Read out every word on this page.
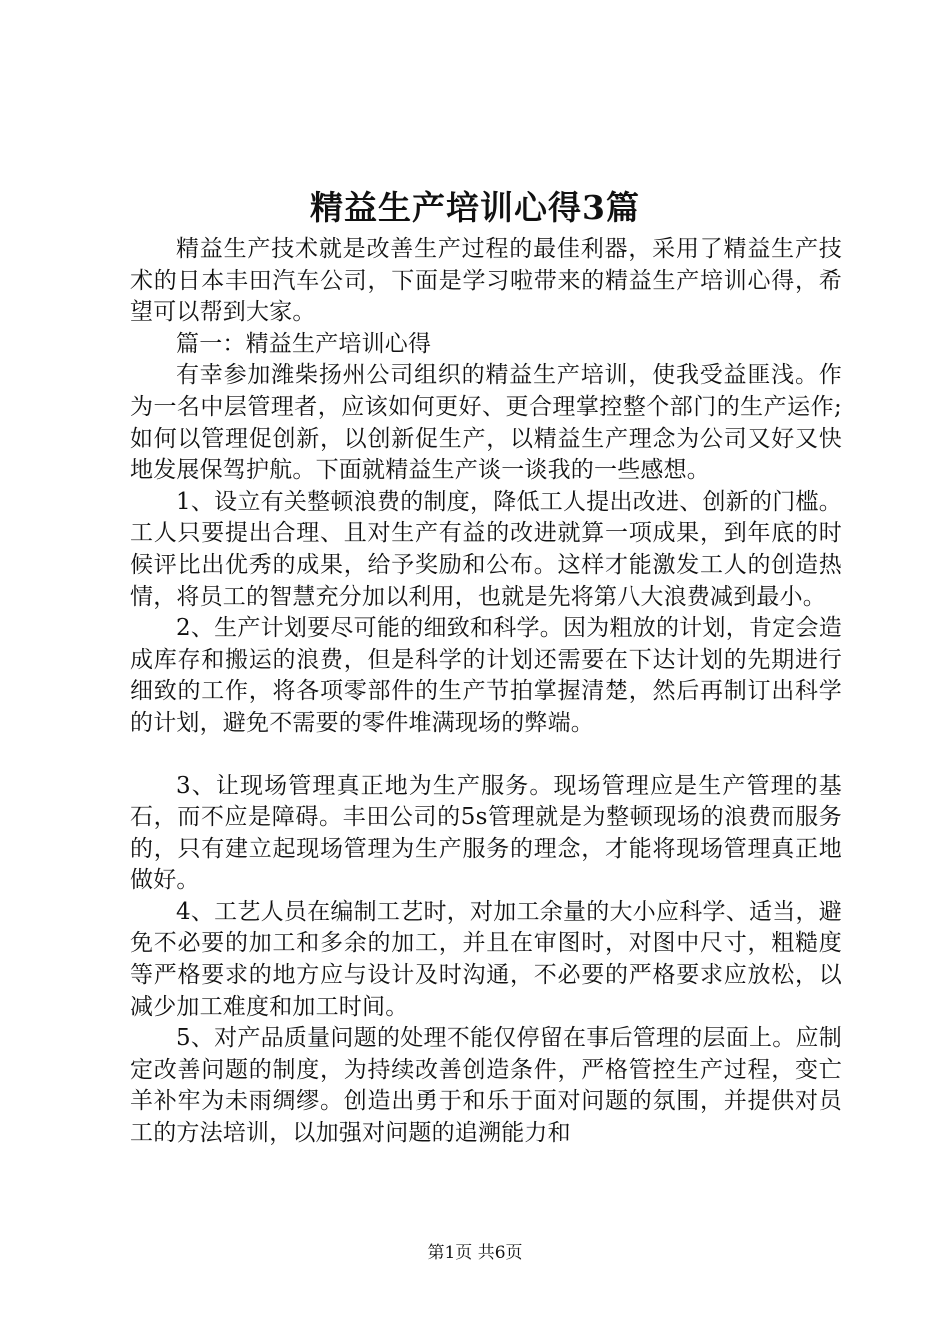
精益生产培训心得3篇

精益生产技术就是改善生产过程的最佳利器，采用了精益生产技术的日本丰田汽车公司，下面是学习啦带来的精益生产培训心得，希望可以帮到大家。

篇一：精益生产培训心得

有幸参加潍柴扬州公司组织的精益生产培训，使我受益匪浅。作为一名中层管理者，应该如何更好、更合理掌控整个部门的生产运作;如何以管理促创新，以创新促生产，以精益生产理念为公司又好又快地发展保驾护航。下面就精益生产谈一谈我的一些感想。

1、设立有关整顿浪费的制度，降低工人提出改进、创新的门槛。工人只要提出合理、且对生产有益的改进就算一项成果，到年底的时候评比出优秀的成果，给予奖励和公布。这样才能激发工人的创造热情，将员工的智慧充分加以利用，也就是先将第八大浪费减到最小。

2、生产计划要尽可能的细致和科学。因为粗放的计划，肯定会造成库存和搬运的浪费，但是科学的计划还需要在下达计划的先期进行细致的工作，将各项零部件的生产节拍掌握清楚，然后再制订出科学的计划，避免不需要的零件堆满现场的弊端。

3、让现场管理真正地为生产服务。现场管理应是生产管理的基石，而不应是障碍。丰田公司的5s管理就是为整顿现场的浪费而服务的，只有建立起现场管理为生产服务的理念，才能将现场管理真正地做好。

4、工艺人员在编制工艺时，对加工余量的大小应科学、适当，避免不必要的加工和多余的加工，并且在审图时，对图中尺寸，粗糙度等严格要求的地方应与设计及时沟通，不必要的严格要求应放松，以减少加工难度和加工时间。

5、对产品质量问题的处理不能仅停留在事后管理的层面上。应制定改善问题的制度，为持续改善创造条件，严格管控生产过程，变亡羊补牢为未雨绸缪。创造出勇于和乐于面对问题的氛围，并提供对员工的方法培训，以加强对问题的追溯能力和

第1页 共6页
